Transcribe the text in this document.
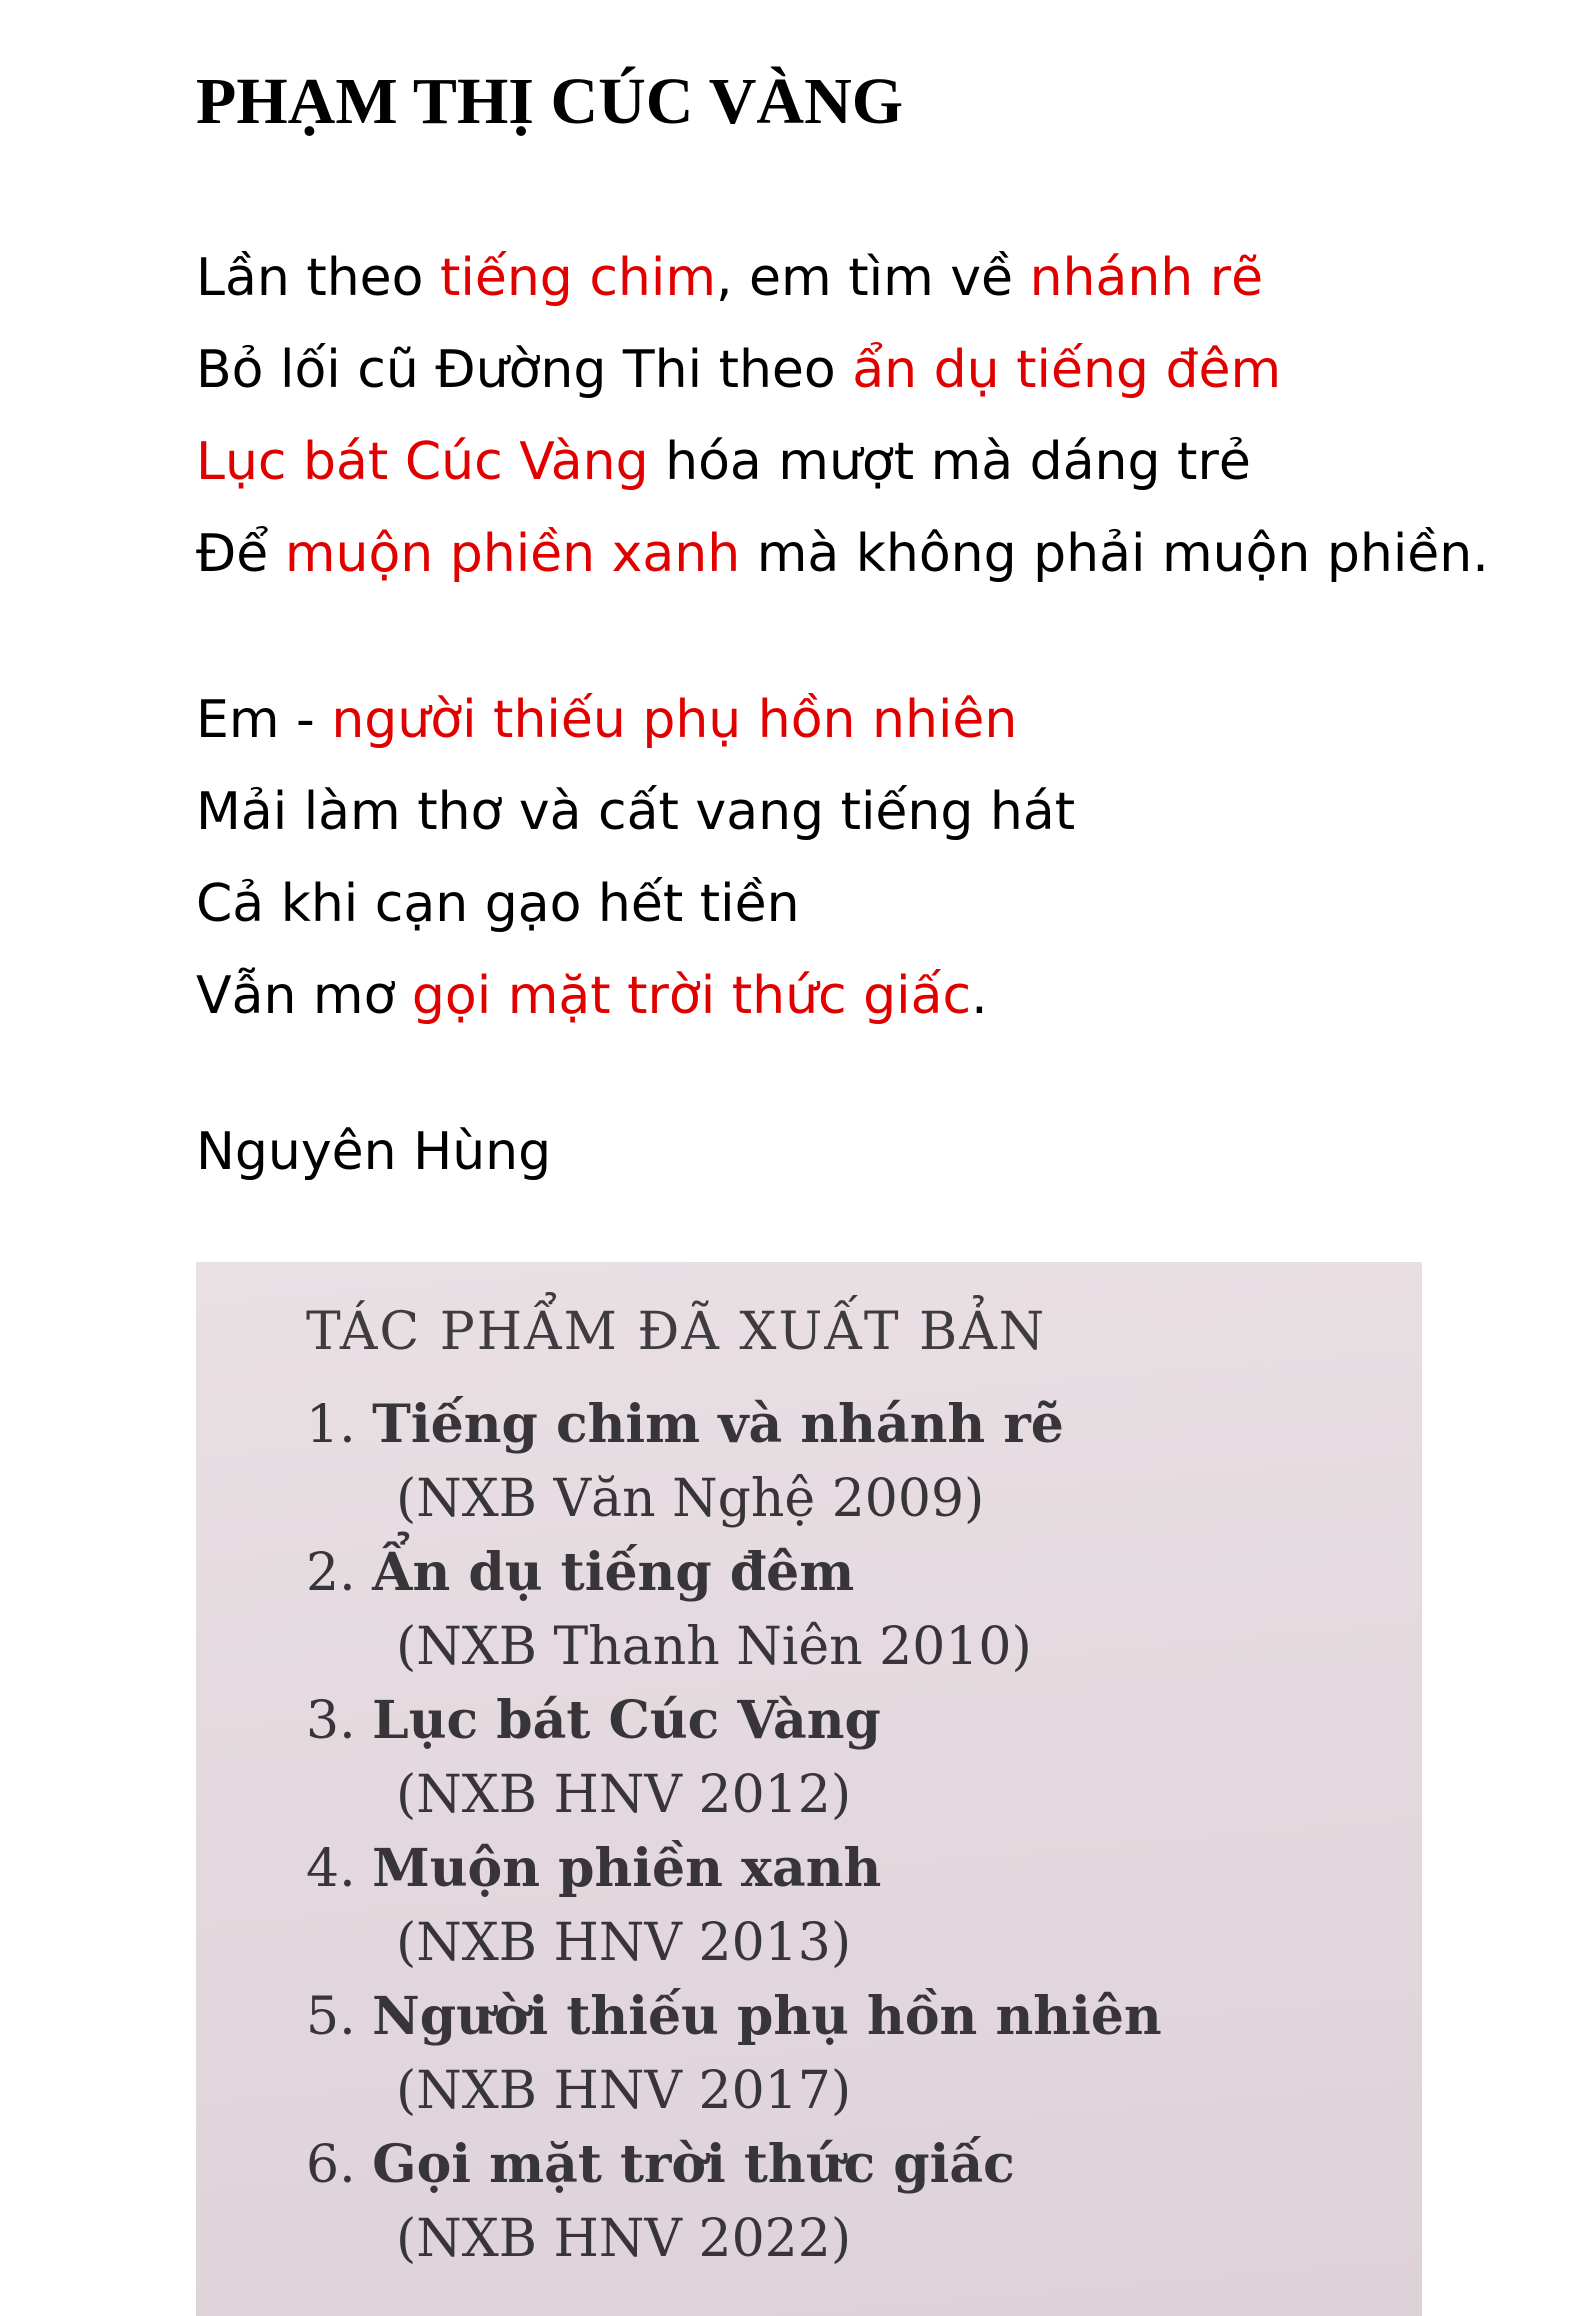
PHẠM THỊ CÚC VÀNG
Lần theo tiếng chim, em tìm về nhánh rẽ
Bỏ lối cũ Đường Thi theo ẩn dụ tiếng đêm
Lục bát Cúc Vàng hóa mượt mà dáng trẻ
Để muộn phiền xanh mà không phải muộn phiền.
Em - người thiếu phụ hồn nhiên
Mải làm thơ và cất vang tiếng hát
Cả khi cạn gạo hết tiền
Vẫn mơ gọi mặt trời thức giấc.
Nguyên Hùng
TÁC PHẨM ĐÃ XUẤT BẢN
1. Tiếng chim và nhánh rẽ
(NXB Văn Nghệ 2009)
2. Ẩn dụ tiếng đêm
(NXB Thanh Niên 2010)
3. Lục bát Cúc Vàng
(NXB HNV 2012)
4. Muộn phiền xanh
(NXB HNV 2013)
5. Người thiếu phụ hồn nhiên
(NXB HNV 2017)
6. Gọi mặt trời thức giấc
(NXB HNV 2022)
